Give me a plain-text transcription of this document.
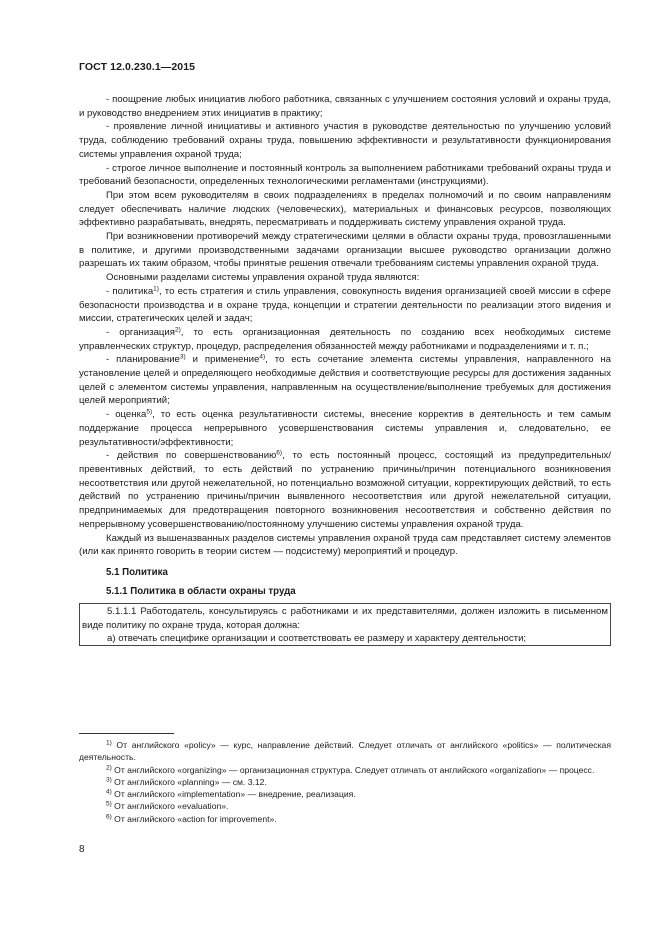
ГОСТ 12.0.230.1—2015

- поощрение любых инициатив любого работника, связанных с улучшением состояния условий и охраны труда, и руководство внедрением этих инициатив в практику;

- проявление личной инициативы и активного участия в руководстве деятельностью по улучшению условий труда, соблюдению требований охраны труда, повышению эффективности и результативности функционирования системы управления охраной труда;

- строгое личное выполнение и постоянный контроль за выполнением работниками требований охраны труда и требований безопасности, определенных технологическими регламентами (инструкциями).

При этом всем руководителям в своих подразделениях в пределах полномочий и по своим направлениям следует обеспечивать наличие людских (человеческих), материальных и финансовых ресурсов, позволяющих эффективно разрабатывать, внедрять, пересматривать и поддерживать систему управления охраной труда.

При возникновении противоречий между стратегическими целями в области охраны труда, провозглашенными в политике, и другими производственными задачами организации высшее руководство организации должно разрешать их таким образом, чтобы принятые решения отвечали требованиям системы управления охраной труда.

Основными разделами системы управления охраной труда являются:

- политика$^{1)}$, то есть стратегия и стиль управления, совокупность видения организацией своей миссии в сфере безопасности производства и в охране труда, концепции и стратегии деятельности по реализации этого видения и миссии, стратегических целей и задач;

- организация$^{2)}$, то есть организационная деятельность по созданию всех необходимых системе управленческих структур, процедур, распределения обязанностей между работниками и подразделениями и т. п.;

- планирование$^{3)}$ и применение$^{4)}$, то есть сочетание элемента системы управления, направленного на установление целей и определяющего необходимые действия и соответствующие ресурсы для достижения заданных целей с элементом системы управления, направленным на осуществление/выполнение требуемых для достижения целей мероприятий;

- оценка$^{5)}$, то есть оценка результативности системы, внесение корректив в деятельность и тем самым поддержание процесса непрерывного усовершенствования системы управления и, следовательно, ее результативности/эффективности;

- действия по совершенствованию$^{6)}$, то есть постоянный процесс, состоящий из предупредительных/превентивных действий, то есть действий по устранению причины/причин потенциального возникновения несоответствия или другой нежелательной, но потенциально возможной ситуации, корректирующих действий, то есть действий по устранению причины/причин выявленного несоответствия или другой нежелательной ситуации, предпринимаемых для предотвращения повторного возникновения несоответствия и собственно действия по непрерывному усовершенствованию/постоянному улучшению системы управления охраной труда.

Каждый из вышеназванных разделов системы управления охраной труда сам представляет систему элементов (или как принято говорить в теории систем — подсистему) мероприятий и процедур.

5.1 Политика

5.1.1 Политика в области охраны труда

5.1.1.1 Работодатель, консультируясь с работниками и их представителями, должен изложить в письменном виде политику по охране труда, которая должна:

а) отвечать специфике организации и соответствовать ее размеру и характеру деятельности;

$^{1)}$ От английского «policy» — курс, направление действий. Следует отличать от английского «politics» — политическая деятельность.

$^{2)}$ От английского «organizing» — организационная структура. Следует отличать от английского «organization» — процесс.

$^{3)}$ От английского «planning» — см. 3.12.

$^{4)}$ От английского «implementation» — внедрение, реализация.

$^{5)}$ От английского «evaluation».

$^{6)}$ От английского «action for improvement».

8
